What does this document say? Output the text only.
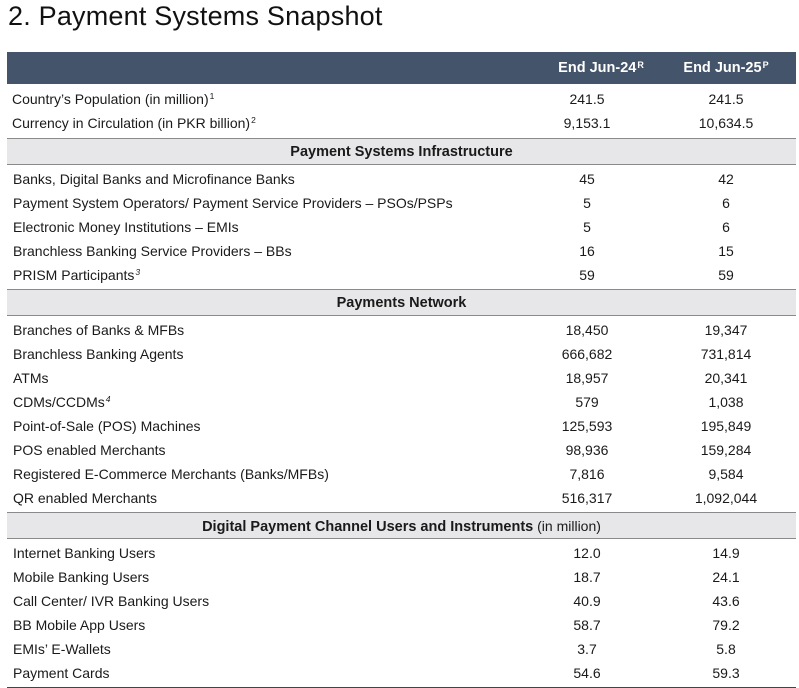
2. Payment Systems Snapshot
End Jun-$24^R$	End Jun-$25^P$
Country’s Population (in million)$^1$	241.5	241.5
Currency in Circulation (in PKR billion)$^2$	9,153.1	10,634.5
Payment Systems Infrastructure
Banks, Digital Banks and Microfinance Banks	45	42
Payment System Operators/ Payment Service Providers – PSOs/PSPs	5	6
Electronic Money Institutions – EMIs	5	6
Branchless Banking Service Providers – BBs	16	15
PRISM Participants$^3$	59	59
Payments Network
Branches of Banks & MFBs	18,450	19,347
Branchless Banking Agents	666,682	731,814
ATMs	18,957	20,341
CDMs/CCDMs$^4$	579	1,038
Point-of-Sale (POS) Machines	125,593	195,849
POS enabled Merchants	98,936	159,284
Registered E-Commerce Merchants (Banks/MFBs)	7,816	9,584
QR enabled Merchants	516,317	1,092,044
Digital Payment Channel Users and Instruments (in million)
Internet Banking Users	12.0	14.9
Mobile Banking Users	18.7	24.1
Call Center/ IVR Banking Users	40.9	43.6
BB Mobile App Users	58.7	79.2
EMIs’ E-Wallets	3.7	5.8
Payment Cards	54.6	59.3
